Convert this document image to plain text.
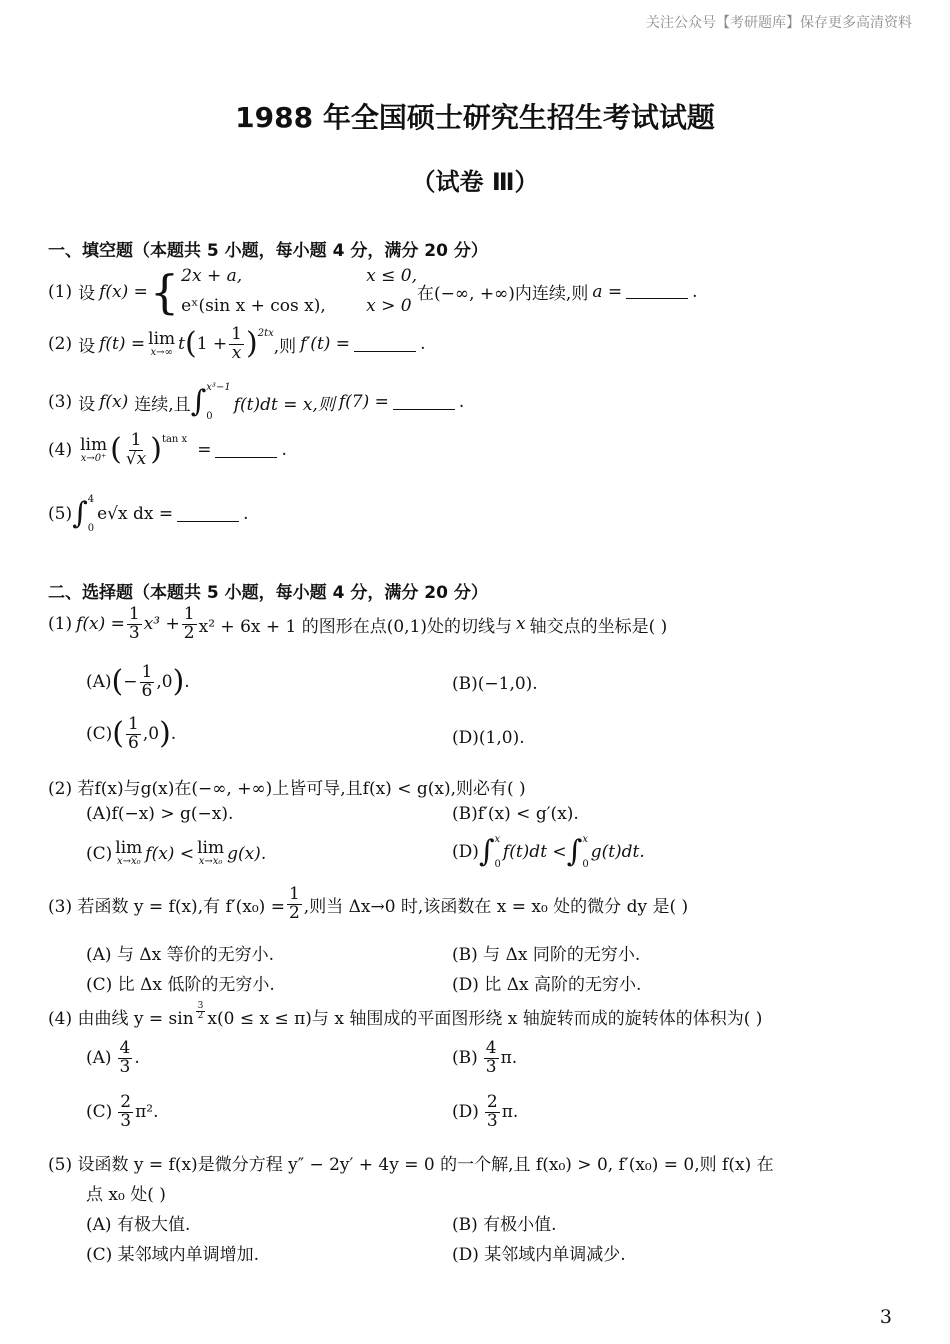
关注公众号【考研题库】保存更多高清资料
1988 年全国硕士研究生招生考试试题
（试卷 Ⅲ）
一、填空题（本题共 5 小题，每小题 4 分，满分 20 分）
(1) 设 f(x) = { 2x + a,	x ≤ 0,
eˣ(sin x + cos x),	x > 0
在(−∞, +∞)内连续,则 a =	.
(2) 设 f(t) = lim
x→∞ t ( $1 + \frac{1}{x}$ ) 2tx
,则 f′(t) =	.
(3) 设 f(x) 连续,且 ∫ x³−1
0
f(t)dt = x,则 f(7) =	.
(4) lim
x→0⁺ ( $\frac{1}{√x}$ ) tan x
=	.
(5) ∫ 4
0
e√x dx =	.
二、选择题（本题共 5 小题，每小题 4 分，满分 20 分）
(1) $f(x) = \frac{1}{3} x^3 + \frac{1}{2} x^2 + 6x + 1$ 的图形在点(0,1)处的切线与 x 轴交点的坐标是( )
(A) ( − $\frac{1}{6} ,0$ ) .	(B)(−1,0).
(C) ( $\frac{1}{6} ,0$ ) .	(D)(1,0).
(2) 若f(x)与g(x)在(−∞, +∞)上皆可导,且f(x) < g(x),则必有( )
(A)f(−x) > g(−x).	(B)f′(x) < g′(x).
(C) lim
x→x₀ f(x) < lim
x→x₀ g(x).	(D) ∫ x
0
f(t)dt < ∫ x
0
g(t)dt.
(3) 若函数 y = f(x),有 $f'(x_0) = \frac{1}{2}$ ,则当 Δx→0 时,该函数在 x = x₀ 处的微分 dy 是( )
(A) 与 Δx 等价的无穷小.	(B) 与 Δx 同阶的无穷小.
(C) 比 Δx 低阶的无穷小.	(D) 比 Δx 高阶的无穷小.
(4) 由曲线 $y = \sin \frac{3}{2} x(0 \le x \le \pi)$与 x 轴围成的平面图形绕 x 轴旋转而成的旋转体的体积为( )
$(A) \frac{4}{3}$ .	$(B) \frac{4}{3} \pi$.
$(C) \frac{2}{3} \pi^2$.	$(D) \frac{2}{3} \pi$.
(5) 设函数 y = f(x)是微分方程 y″ − 2y′ + 4y = 0 的一个解,且 f(x₀) > 0, f′(x₀) = 0,则 f(x) 在
点 x₀ 处( )
(A) 有极大值.	(B) 有极小值.
(C) 某邻域内单调增加.	(D) 某邻域内单调减少.
3
